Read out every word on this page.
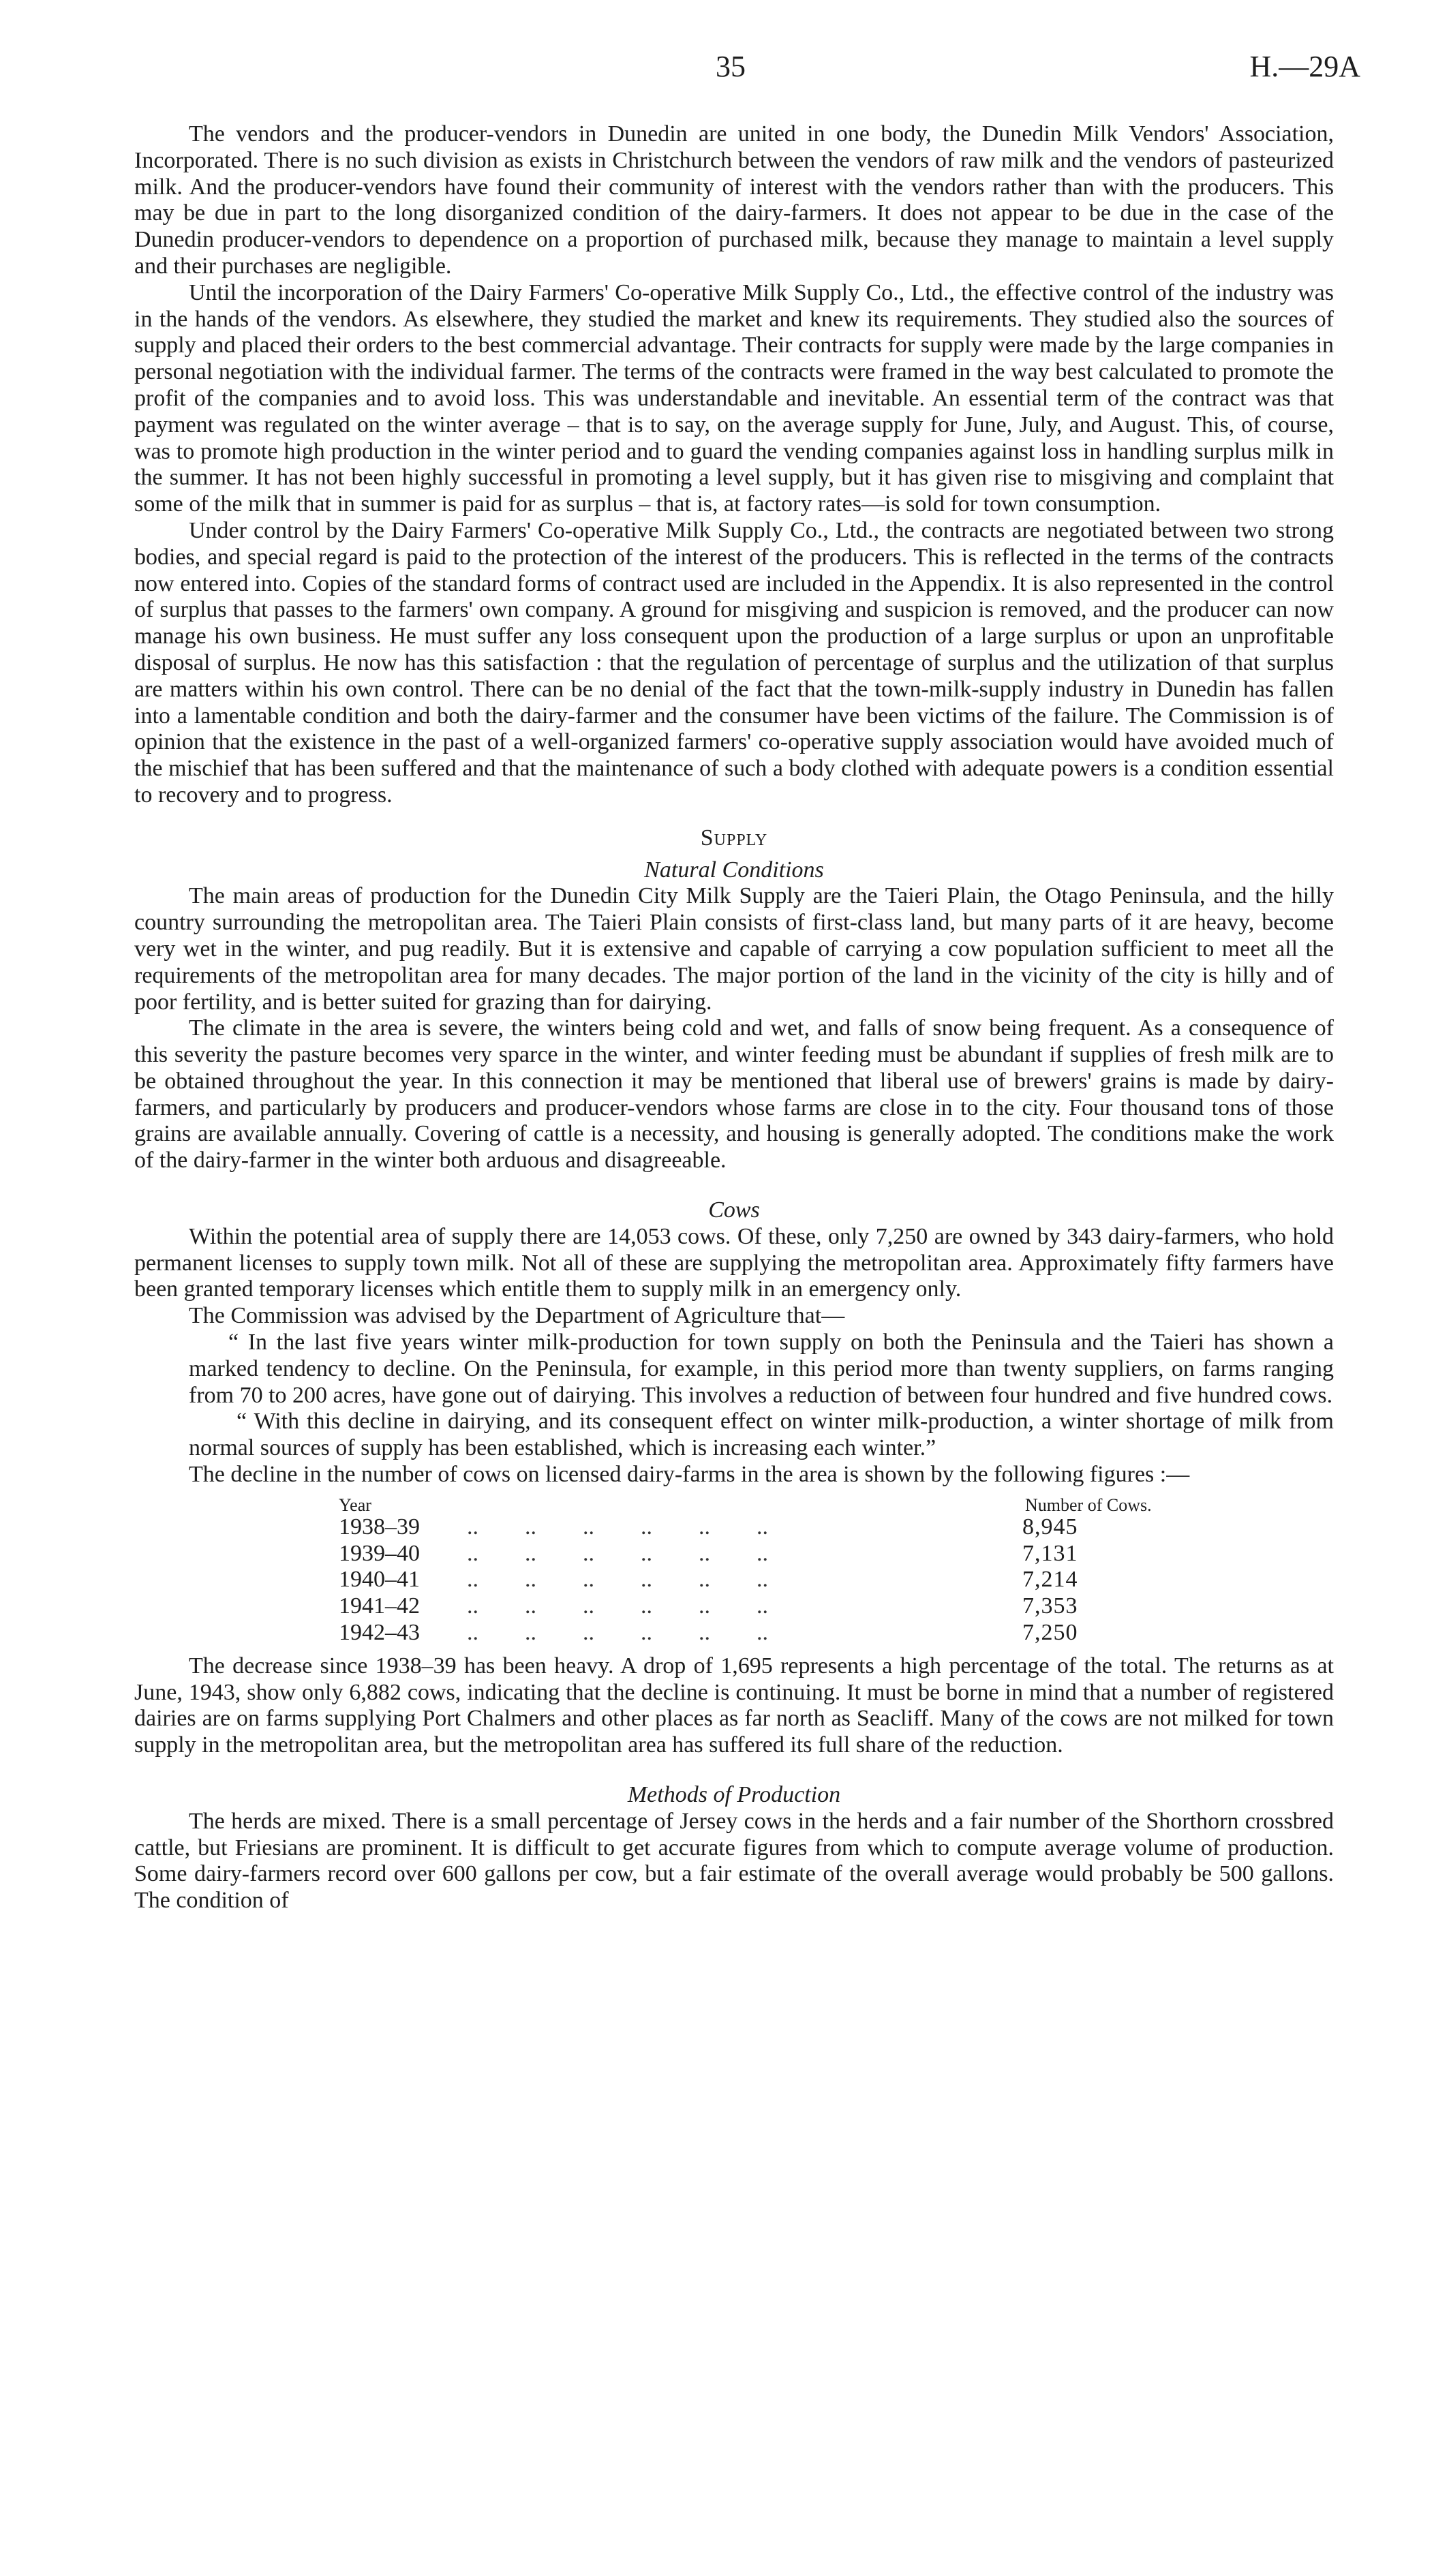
35	H.—29A

The vendors and the producer-vendors in Dunedin are united in one body, the Dunedin Milk Vendors' Association, Incorporated. There is no such division as exists in Christchurch between the vendors of raw milk and the vendors of pasteurized milk. And the producer-vendors have found their community of interest with the vendors rather than with the producers. This may be due in part to the long disorganized condition of the dairy-farmers. It does not appear to be due in the case of the Dunedin producer-vendors to dependence on a proportion of purchased milk, because they manage to maintain a level supply and their purchases are negligible.

Until the incorporation of the Dairy Farmers' Co-operative Milk Supply Co., Ltd., the effective control of the industry was in the hands of the vendors. As elsewhere, they studied the market and knew its requirements. They studied also the sources of supply and placed their orders to the best commercial advantage. Their contracts for supply were made by the large companies in personal negotiation with the individual farmer. The terms of the contracts were framed in the way best calculated to promote the profit of the companies and to avoid loss. This was understandable and inevitable. An essential term of the contract was that payment was regulated on the winter average – that is to say, on the average supply for June, July, and August. This, of course, was to promote high production in the winter period and to guard the vending companies against loss in handling surplus milk in the summer. It has not been highly successful in promoting a level supply, but it has given rise to misgiving and complaint that some of the milk that in summer is paid for as surplus – that is, at factory rates—is sold for town consumption.

Under control by the Dairy Farmers' Co-operative Milk Supply Co., Ltd., the contracts are negotiated between two strong bodies, and special regard is paid to the protection of the interest of the producers. This is reflected in the terms of the contracts now entered into. Copies of the standard forms of contract used are included in the Appendix. It is also represented in the control of surplus that passes to the farmers' own company. A ground for misgiving and suspicion is removed, and the producer can now manage his own business. He must suffer any loss consequent upon the production of a large surplus or upon an unprofitable disposal of surplus. He now has this satisfaction : that the regulation of percentage of surplus and the utilization of that surplus are matters within his own control. There can be no denial of the fact that the town-milk-supply industry in Dunedin has fallen into a lamentable condition and both the dairy-farmer and the consumer have been victims of the failure. The Commission is of opinion that the existence in the past of a well-organized farmers' co-operative supply association would have avoided much of the mischief that has been suffered and that the maintenance of such a body clothed with adequate powers is a condition essential to recovery and to progress.

Supply
Natural Conditions

The main areas of production for the Dunedin City Milk Supply are the Taieri Plain, the Otago Peninsula, and the hilly country surrounding the metropolitan area. The Taieri Plain consists of first-class land, but many parts of it are heavy, become very wet in the winter, and pug readily. But it is extensive and capable of carrying a cow population sufficient to meet all the requirements of the metropolitan area for many decades. The major portion of the land in the vicinity of the city is hilly and of poor fertility, and is better suited for grazing than for dairying.

The climate in the area is severe, the winters being cold and wet, and falls of snow being frequent. As a consequence of this severity the pasture becomes very sparce in the winter, and winter feeding must be abundant if supplies of fresh milk are to be obtained throughout the year. In this connection it may be mentioned that liberal use of brewers' grains is made by dairy-farmers, and particularly by producers and producer-vendors whose farms are close in to the city. Four thousand tons of those grains are available annually. Covering of cattle is a necessity, and housing is generally adopted. The conditions make the work of the dairy-farmer in the winter both arduous and disagreeable.

Cows

Within the potential area of supply there are 14,053 cows. Of these, only 7,250 are owned by 343 dairy-farmers, who hold permanent licenses to supply town milk. Not all of these are supplying the metropolitan area. Approximately fifty farmers have been granted temporary licenses which entitle them to supply milk in an emergency only.

The Commission was advised by the Department of Agriculture that—

“ In the last five years winter milk-production for town supply on both the Peninsula and the Taieri has shown a marked tendency to decline. On the Peninsula, for example, in this period more than twenty suppliers, on farms ranging from 70 to 200 acres, have gone out of dairying. This involves a reduction of between four hundred and five hundred cows.

“ With this decline in dairying, and its consequent effect on winter milk-production, a winter shortage of milk from normal sources of supply has been established, which is increasing each winter.”

The decline in the number of cows on licensed dairy-farms in the area is shown by the following figures :—

Year	Number of Cows.
1938–39 ..        ..        ..        ..        ..        ..	8,945
1939–40 ..        ..        ..        ..        ..        ..	7,131
1940–41 ..        ..        ..        ..        ..        ..	7,214
1941–42 ..        ..        ..        ..        ..        ..	7,353
1942–43 ..        ..        ..        ..        ..        ..	7,250

The decrease since 1938–39 has been heavy. A drop of 1,695 represents a high percentage of the total. The returns as at June, 1943, show only 6,882 cows, indicating that the decline is continuing. It must be borne in mind that a number of registered dairies are on farms supplying Port Chalmers and other places as far north as Seacliff. Many of the cows are not milked for town supply in the metropolitan area, but the metropolitan area has suffered its full share of the reduction.

Methods of Production

The herds are mixed. There is a small percentage of Jersey cows in the herds and a fair number of the Shorthorn crossbred cattle, but Friesians are prominent. It is difficult to get accurate figures from which to compute average volume of production. Some dairy-farmers record over 600 gallons per cow, but a fair estimate of the overall average would probably be 500 gallons. The condition of
